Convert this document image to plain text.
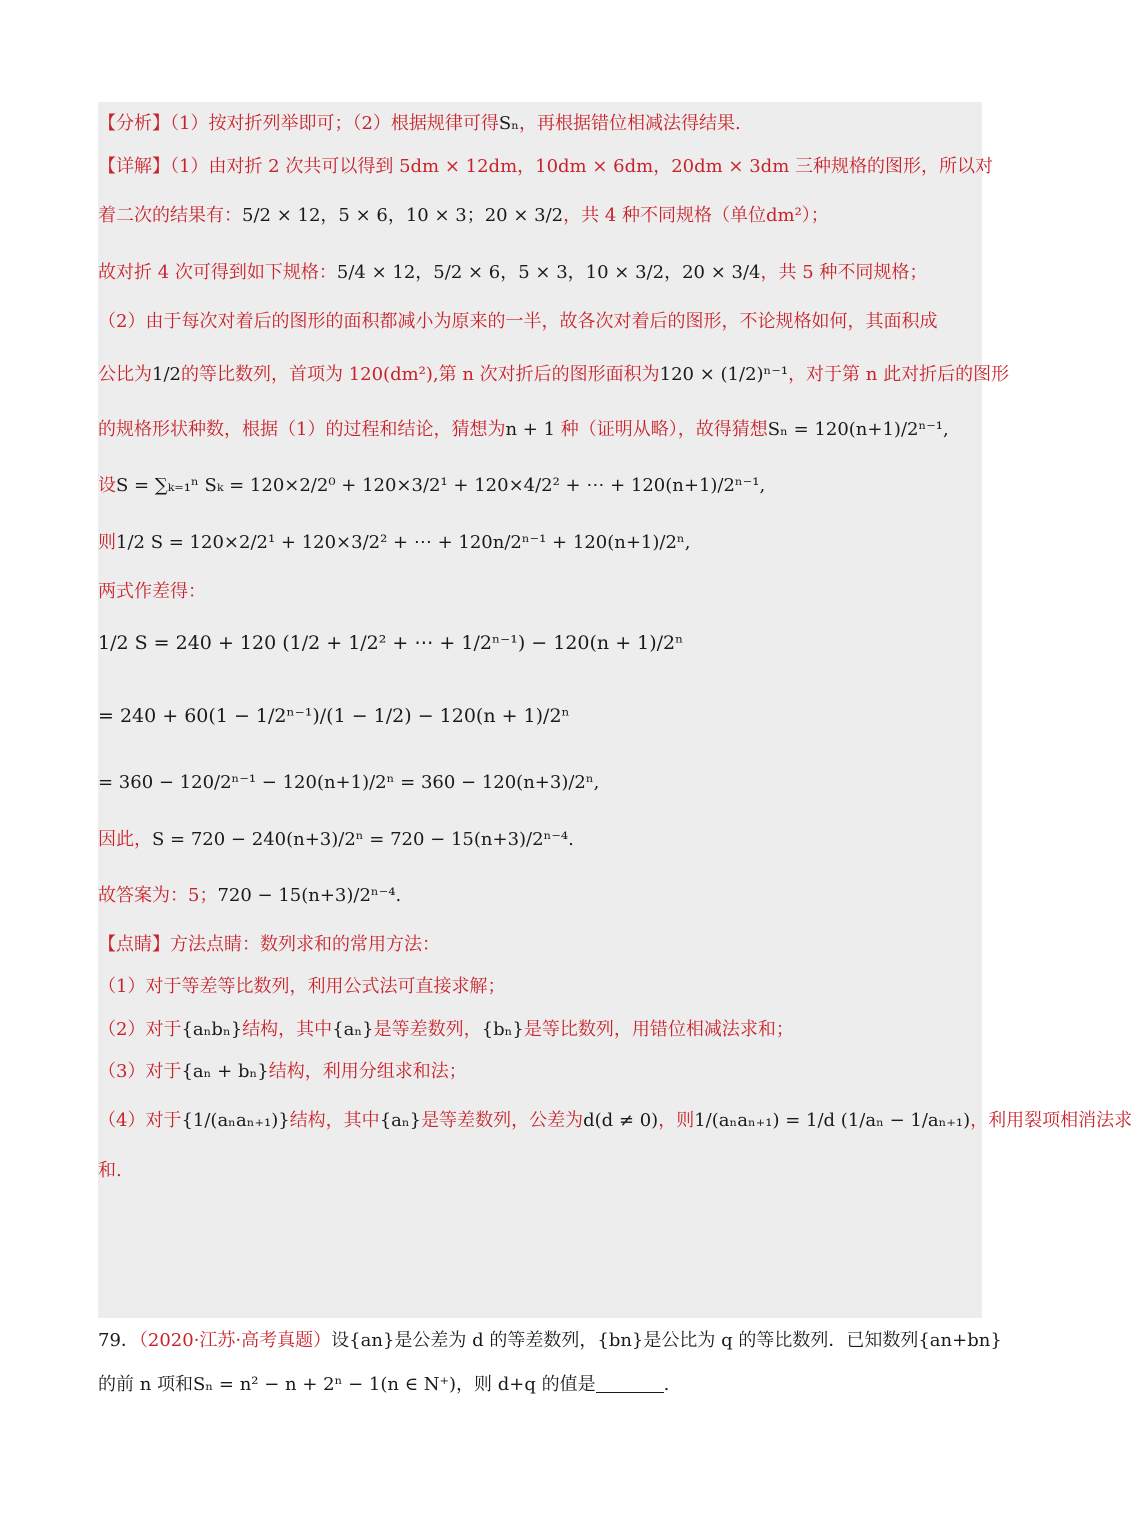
【分析】（1）按对折列举即可；（2）根据规律可得Sₙ，再根据错位相减法得结果.
【详解】（1）由对折 2 次共可以得到 5dm × 12dm，10dm × 6dm，20dm × 3dm 三种规格的图形，所以对
着二次的结果有：5/2 × 12，5 × 6，10 × 3；20 × 3/2，共 4 种不同规格（单位dm²）；
故对折 4 次可得到如下规格：5/4 × 12，5/2 × 6，5 × 3，10 × 3/2，20 × 3/4，共 5 种不同规格；
（2）由于每次对着后的图形的面积都减小为原来的一半，故各次对着后的图形，不论规格如何，其面积成
公比为1/2的等比数列，首项为 120(dm²),第 n 次对折后的图形面积为120 × (1/2)ⁿ⁻¹，对于第 n 此对折后的图形
的规格形状种数，根据（1）的过程和结论，猜想为n + 1 种（证明从略），故得猜想Sₙ = 120(n+1)/2ⁿ⁻¹,
设S = ∑ₖ₌₁ⁿ Sₖ = 120×2/2⁰ + 120×3/2¹ + 120×4/2² + ⋯ + 120(n+1)/2ⁿ⁻¹,
则1/2 S = 120×2/2¹ + 120×3/2² + ⋯ + 120n/2ⁿ⁻¹ + 120(n+1)/2ⁿ,
两式作差得：
1/2 S = 240 + 120 (1/2 + 1/2² + ⋯ + 1/2ⁿ⁻¹) − 120(n + 1)/2ⁿ
= 240 + 60(1 − 1/2ⁿ⁻¹)/(1 − 1/2) − 120(n + 1)/2ⁿ
= 360 − 120/2ⁿ⁻¹ − 120(n+1)/2ⁿ = 360 − 120(n+3)/2ⁿ,
因此，S = 720 − 240(n+3)/2ⁿ = 720 − 15(n+3)/2ⁿ⁻⁴.
故答案为：5；720 − 15(n+3)/2ⁿ⁻⁴.
【点睛】方法点睛：数列求和的常用方法：
（1）对于等差等比数列，利用公式法可直接求解；
（2）对于{aₙbₙ}结构，其中{aₙ}是等差数列，{bₙ}是等比数列，用错位相减法求和；
（3）对于{aₙ + bₙ}结构，利用分组求和法；
（4）对于{1/(aₙaₙ₊₁)}结构，其中{aₙ}是等差数列，公差为d(d ≠ 0)，则1/(aₙaₙ₊₁) = 1/d (1/aₙ − 1/aₙ₊₁)，利用裂项相消法求
和.
79．（2020·江苏·高考真题）设{an}是公差为 d 的等差数列，{bn}是公比为 q 的等比数列．已知数列{an+bn}
的前 n 项和Sₙ = n² − n + 2ⁿ − 1(n ∈ N⁺)，则 d+q 的值是	.
